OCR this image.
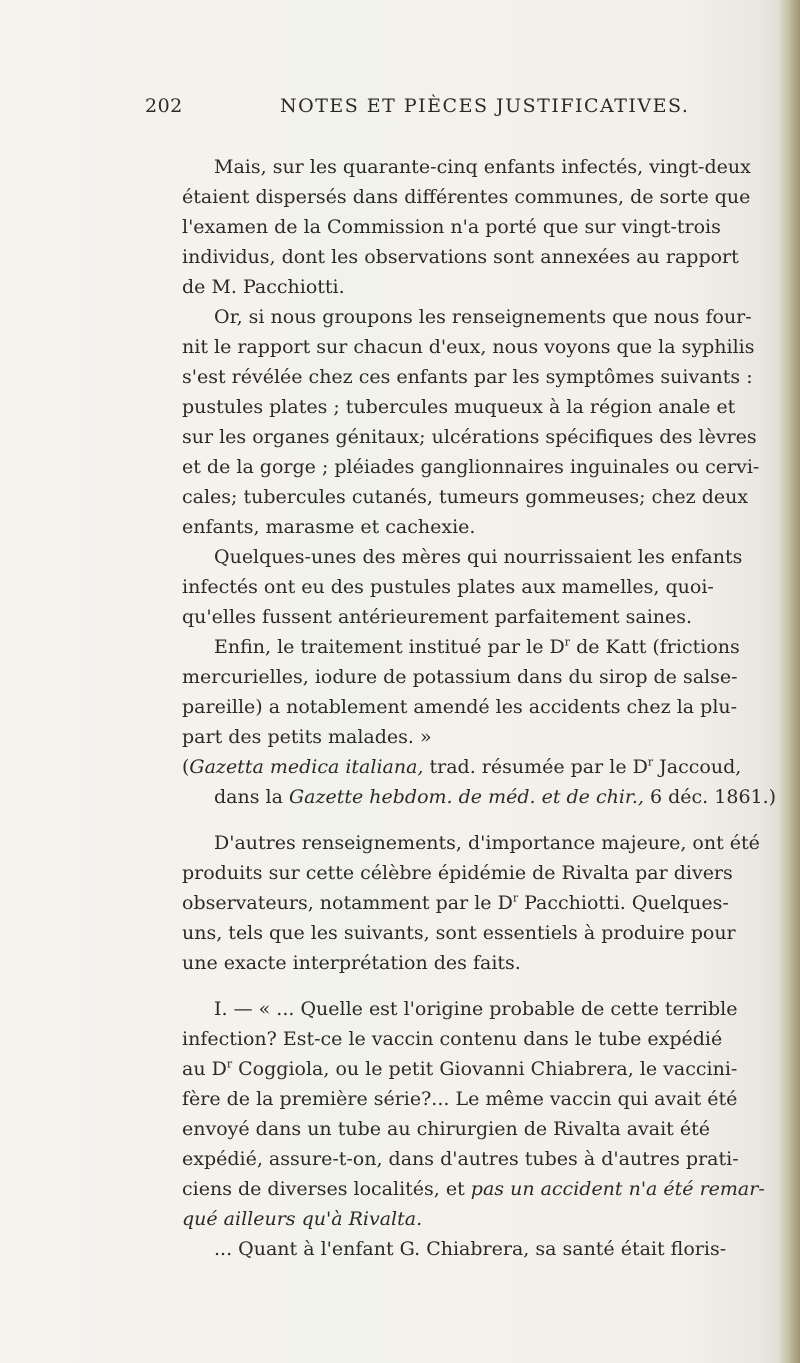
202	NOTES ET PIÈCES JUSTIFICATIVES.
Mais, sur les quarante-cinq enfants infectés, vingt-deux
étaient dispersés dans différentes communes, de sorte que
l'examen de la Commission n'a porté que sur vingt-trois
individus, dont les observations sont annexées au rapport
de M. Pacchiotti.
Or, si nous groupons les renseignements que nous four-
nit le rapport sur chacun d'eux, nous voyons que la syphilis
s'est révélée chez ces enfants par les symptômes suivants :
pustules plates ; tubercules muqueux à la région anale et
sur les organes génitaux; ulcérations spécifiques des lèvres
et de la gorge ; pléiades ganglionnaires inguinales ou cervi-
cales; tubercules cutanés, tumeurs gommeuses; chez deux
enfants, marasme et cachexie.
Quelques-unes des mères qui nourrissaient les enfants
infectés ont eu des pustules plates aux mamelles, quoi-
qu'elles fussent antérieurement parfaitement saines.
Enfin, le traitement institué par le $D^r$ de Katt (frictions
mercurielles, iodure de potassium dans du sirop de salse-
pareille) a notablement amendé les accidents chez la plu-
part des petits malades. »
(Gazetta medica italiana, trad. résumée par le $D^r$ Jaccoud,
dans la Gazette hebdom. de méd. et de chir., 6 déc. 1861.)
D'autres renseignements, d'importance majeure, ont été
produits sur cette célèbre épidémie de Rivalta par divers
observateurs, notamment par le $D^r$ Pacchiotti. Quelques-
uns, tels que les suivants, sont essentiels à produire pour
une exacte interprétation des faits.
I. — « ... Quelle est l'origine probable de cette terrible
infection? Est-ce le vaccin contenu dans le tube expédié
au $D^r$ Coggiola, ou le petit Giovanni Chiabrera, le vaccini-
fère de la première série?... Le même vaccin qui avait été
envoyé dans un tube au chirurgien de Rivalta avait été
expédié, assure-t-on, dans d'autres tubes à d'autres prati-
ciens de diverses localités, et pas un accident n'a été remar-
qué ailleurs qu'à Rivalta.
... Quant à l'enfant G. Chiabrera, sa santé était floris-
